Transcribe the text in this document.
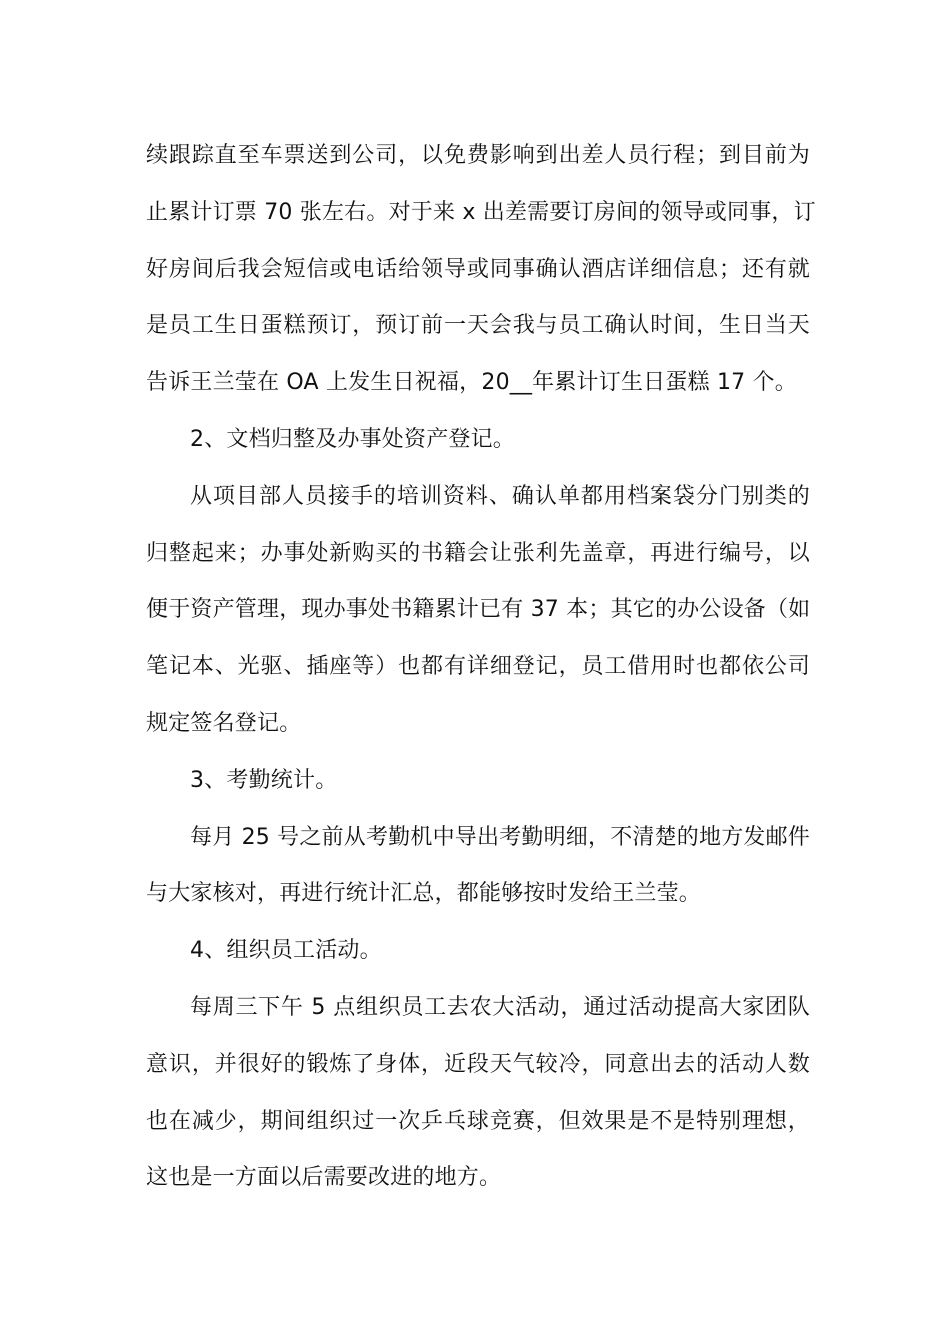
续跟踪直至车票送到公司，以免费影响到出差人员行程；到目前为
止累计订票 70 张左右。对于来 x 出差需要订房间的领导或同事，订
好房间后我会短信或电话给领导或同事确认酒店详细信息；还有就
是员工生日蛋糕预订，预订前一天会我与员工确认时间，生日当天
告诉王兰莹在 OA 上发生日祝福，20__年累计订生日蛋糕 17 个。
2、文档归整及办事处资产登记。
从项目部人员接手的培训资料、确认单都用档案袋分门别类的
归整起来；办事处新购买的书籍会让张利先盖章，再进行编号，以
便于资产管理，现办事处书籍累计已有 37 本；其它的办公设备（如
笔记本、光驱、插座等）也都有详细登记，员工借用时也都依公司
规定签名登记。
3、考勤统计。
每月 25 号之前从考勤机中导出考勤明细，不清楚的地方发邮件
与大家核对，再进行统计汇总，都能够按时发给王兰莹。
4、组织员工活动。
每周三下午 5 点组织员工去农大活动，通过活动提高大家团队
意识，并很好的锻炼了身体，近段天气较冷，同意出去的活动人数
也在减少，期间组织过一次乒乓球竞赛，但效果是不是特别理想，
这也是一方面以后需要改进的地方。
